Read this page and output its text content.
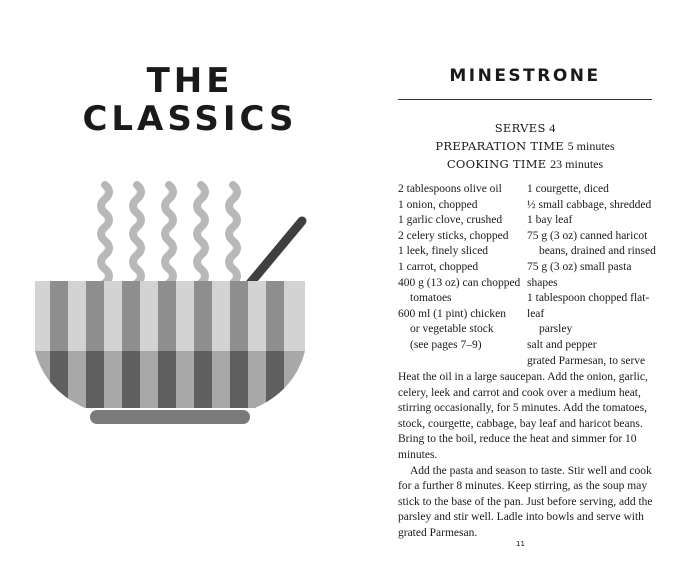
THE
CLASSICS
MINESTRONE
SERVES 4
PREPARATION TIME 5 minutes
COOKING TIME 23 minutes

2 tablespoons olive oil

1 onion, chopped

1 garlic clove, crushed

2 celery sticks, chopped

1 leek, finely sliced

1 carrot, chopped

400 g (13 oz) can chopped

tomatoes

600 ml (1 pint) chicken

or vegetable stock

(see pages 7–9)

1 courgette, diced

½ small cabbage, shredded

1 bay leaf

75 g (3 oz) canned haricot

beans, drained and rinsed

75 g (3 oz) small pasta shapes

1 tablespoon chopped flat-leaf

parsley

salt and pepper

grated Parmesan, to serve

Heat the oil in a large saucepan. Add the onion, garlic, celery, leek and carrot and cook over a medium heat, stirring occasionally, for 5 minutes. Add the tomatoes, stock, courgette, cabbage, bay leaf and haricot beans. Bring to the boil, reduce the heat and simmer for 10 minutes.

Add the pasta and season to taste. Stir well and cook for a further 8 minutes. Keep stirring, as the soup may stick to the base of the pan. Just before serving, add the parsley and stir well. Ladle into bowls and serve with grated Parmesan.

11
